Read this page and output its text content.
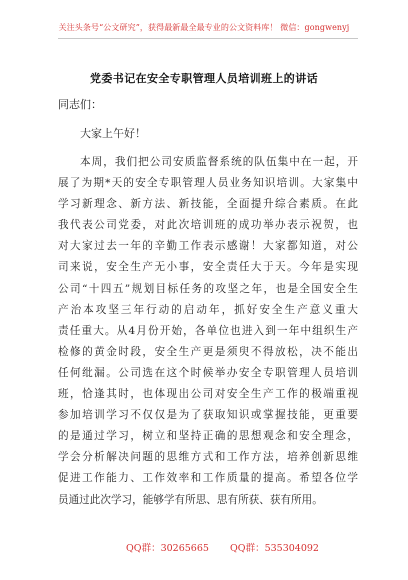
关注头条号“公文研究”，获得最新最全最专业的公文资料库！ 微信：gongwenyj
党委书记在安全专职管理人员培训班上的讲话
同志们：
大家上午好！
本周，我们把公司安质监督系统的队伍集中在一起，开
展了为期*天的安全专职管理人员业务知识培训。大家集中
学习新理念、新方法、新技能，全面提升综合素质。在此
我代表公司党委，对此次培训班的成功举办表示祝贺，也
对大家过去一年的辛勤工作表示感谢！大家都知道，对公
司来说，安全生产无小事，安全责任大于天。今年是实现
公司“十四五”规划目标任务的攻坚之年，也是全国安全生
产治本攻坚三年行动的启动年，抓好安全生产意义重大
责任重大。从4月份开始，各单位也进入到一年中组织生产
检修的黄金时段，安全生产更是须臾不得放松，决不能出
任何纰漏。公司选在这个时候举办安全专职管理人员培训
班，恰逢其时，也体现出公司对安全生产工作的极端重视
参加培训学习不仅仅是为了获取知识或掌握技能，更重要
的是通过学习，树立和坚持正确的思想观念和安全理念，
学会分析解决问题的思维方式和工作方法，培养创新思维
促进工作能力、工作效率和工作质量的提高。希望各位学
员通过此次学习，能够学有所思、思有所获、获有所用。
QQ群：30265665 QQ群：535304092
